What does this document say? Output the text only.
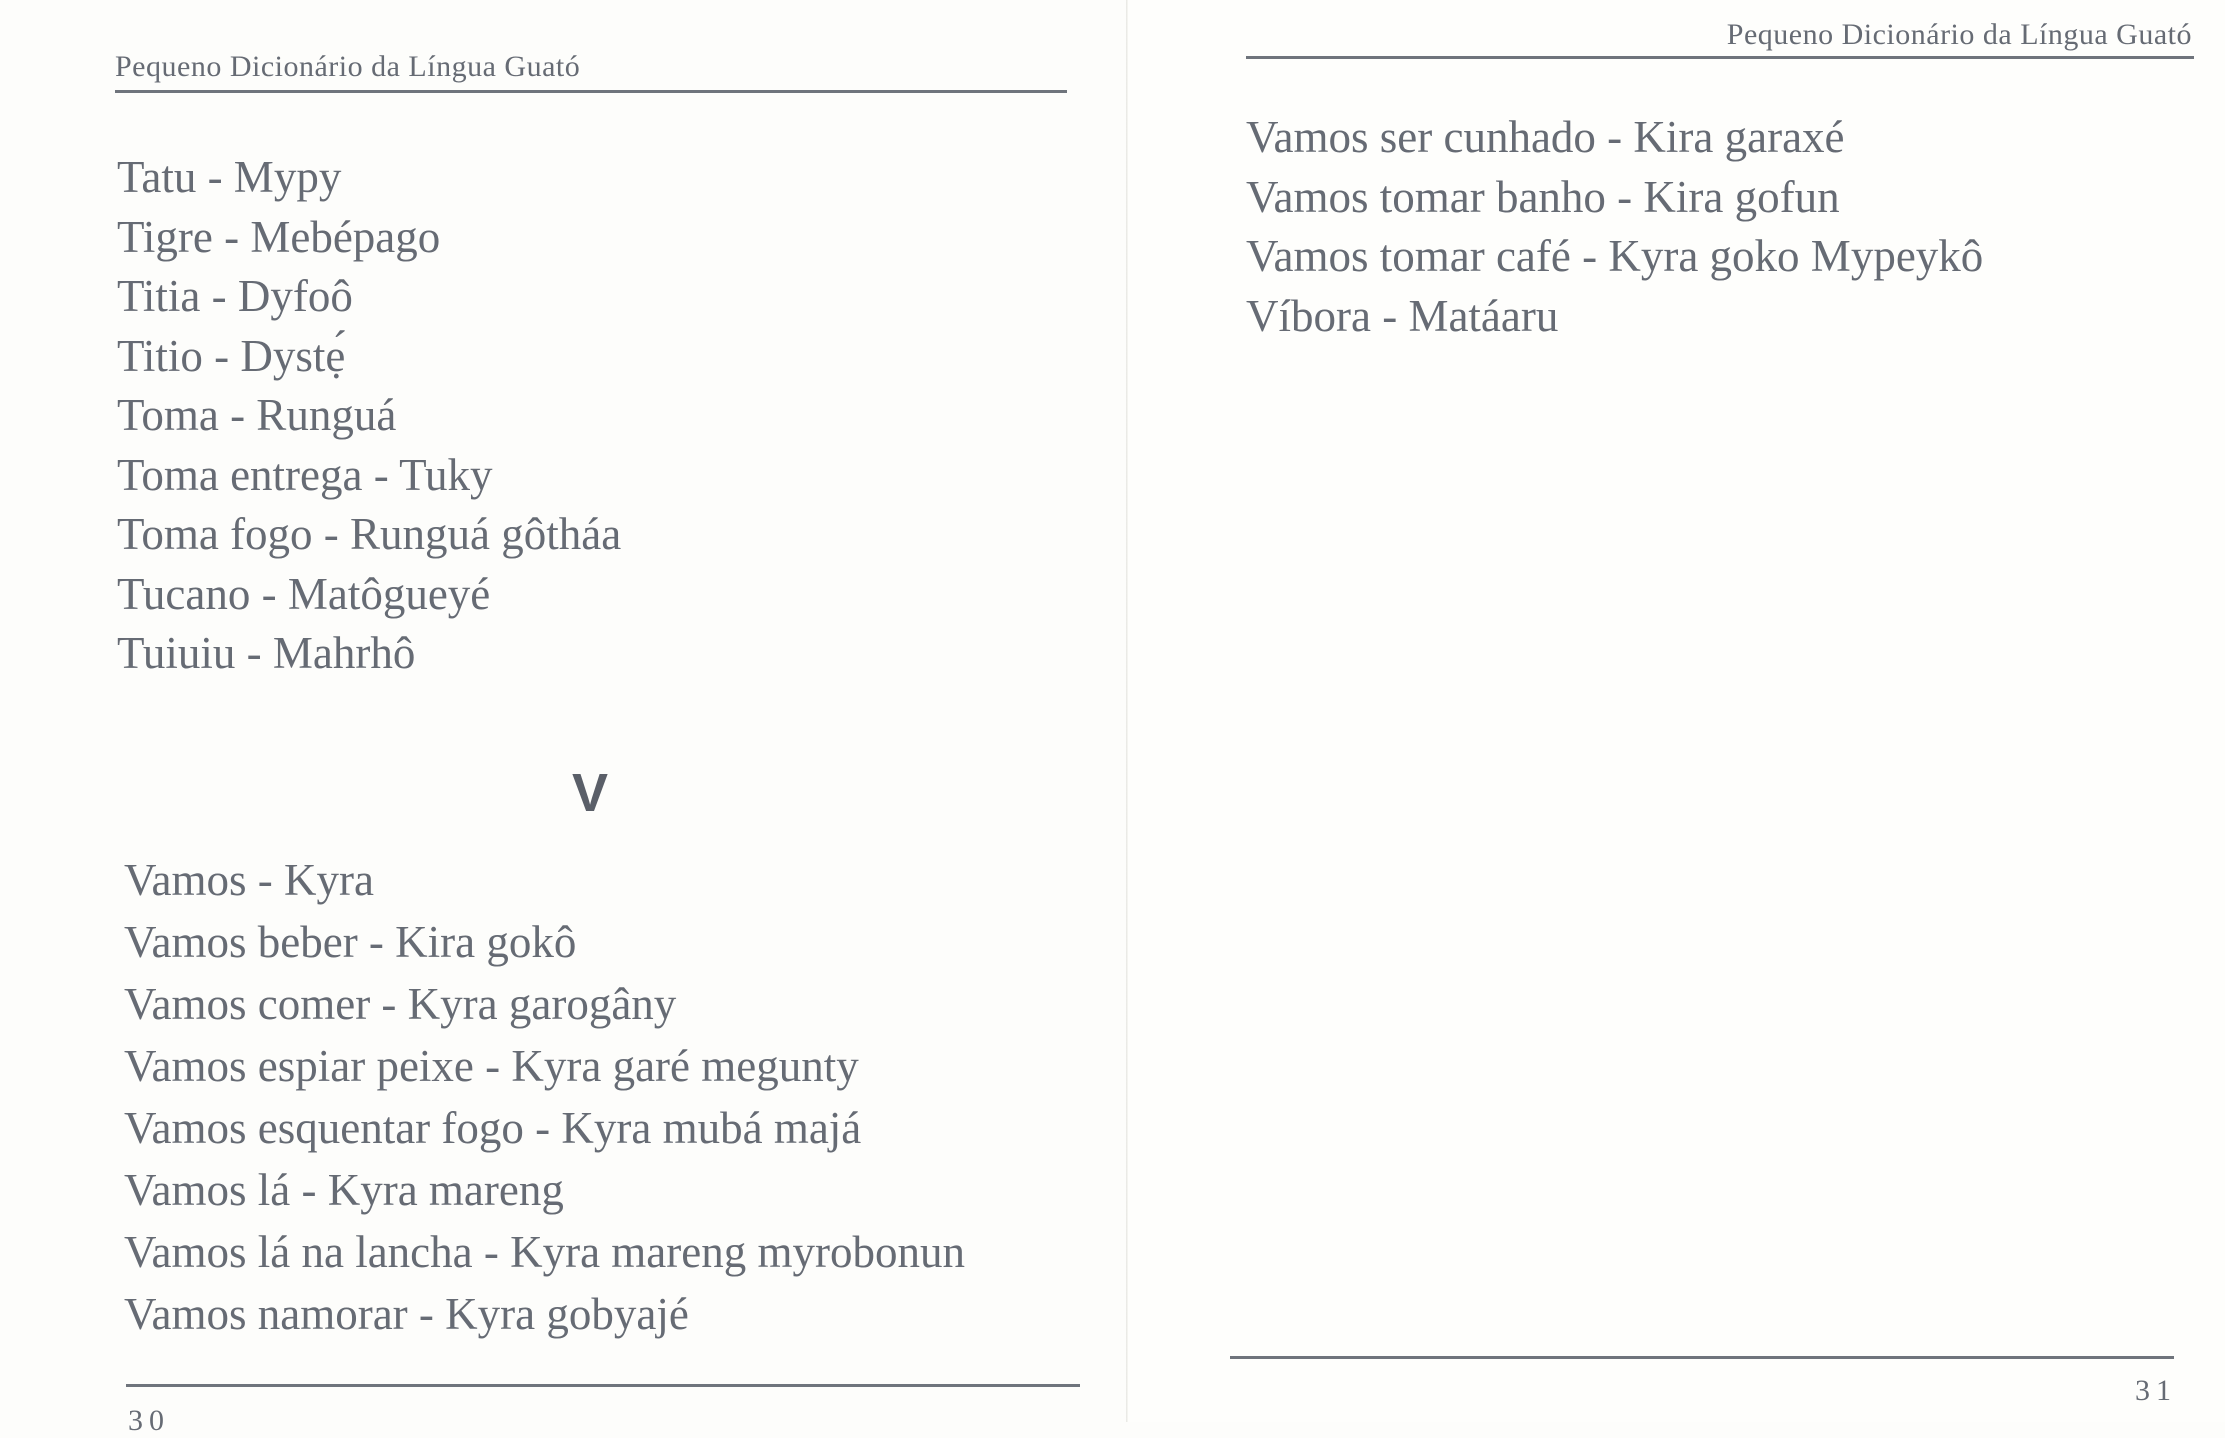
Pequeno Dicionário da Língua Guató
Tatu - Mypy
Tigre - Mebépago
Titia - Dyfoô
Titio - Dystẹ́
Toma - Runguá
Toma entrega - Tuky
Toma fogo - Runguá gôtháa
Tucano - Matôgueyé
Tuiuiu - Mahrhô
V
Vamos - Kyra
Vamos beber - Kira gokô
Vamos comer - Kyra garogâny
Vamos espiar peixe - Kyra garé megunty
Vamos esquentar fogo - Kyra mubá majá
Vamos lá - Kyra mareng
Vamos lá na lancha - Kyra mareng myrobonun
Vamos namorar - Kyra gobyajé
30
Pequeno Dicionário da Língua Guató
Vamos ser cunhado - Kira garaxé
Vamos tomar banho - Kira gofun
Vamos tomar café - Kyra goko Mypeykô
Víbora - Matáaru
31
